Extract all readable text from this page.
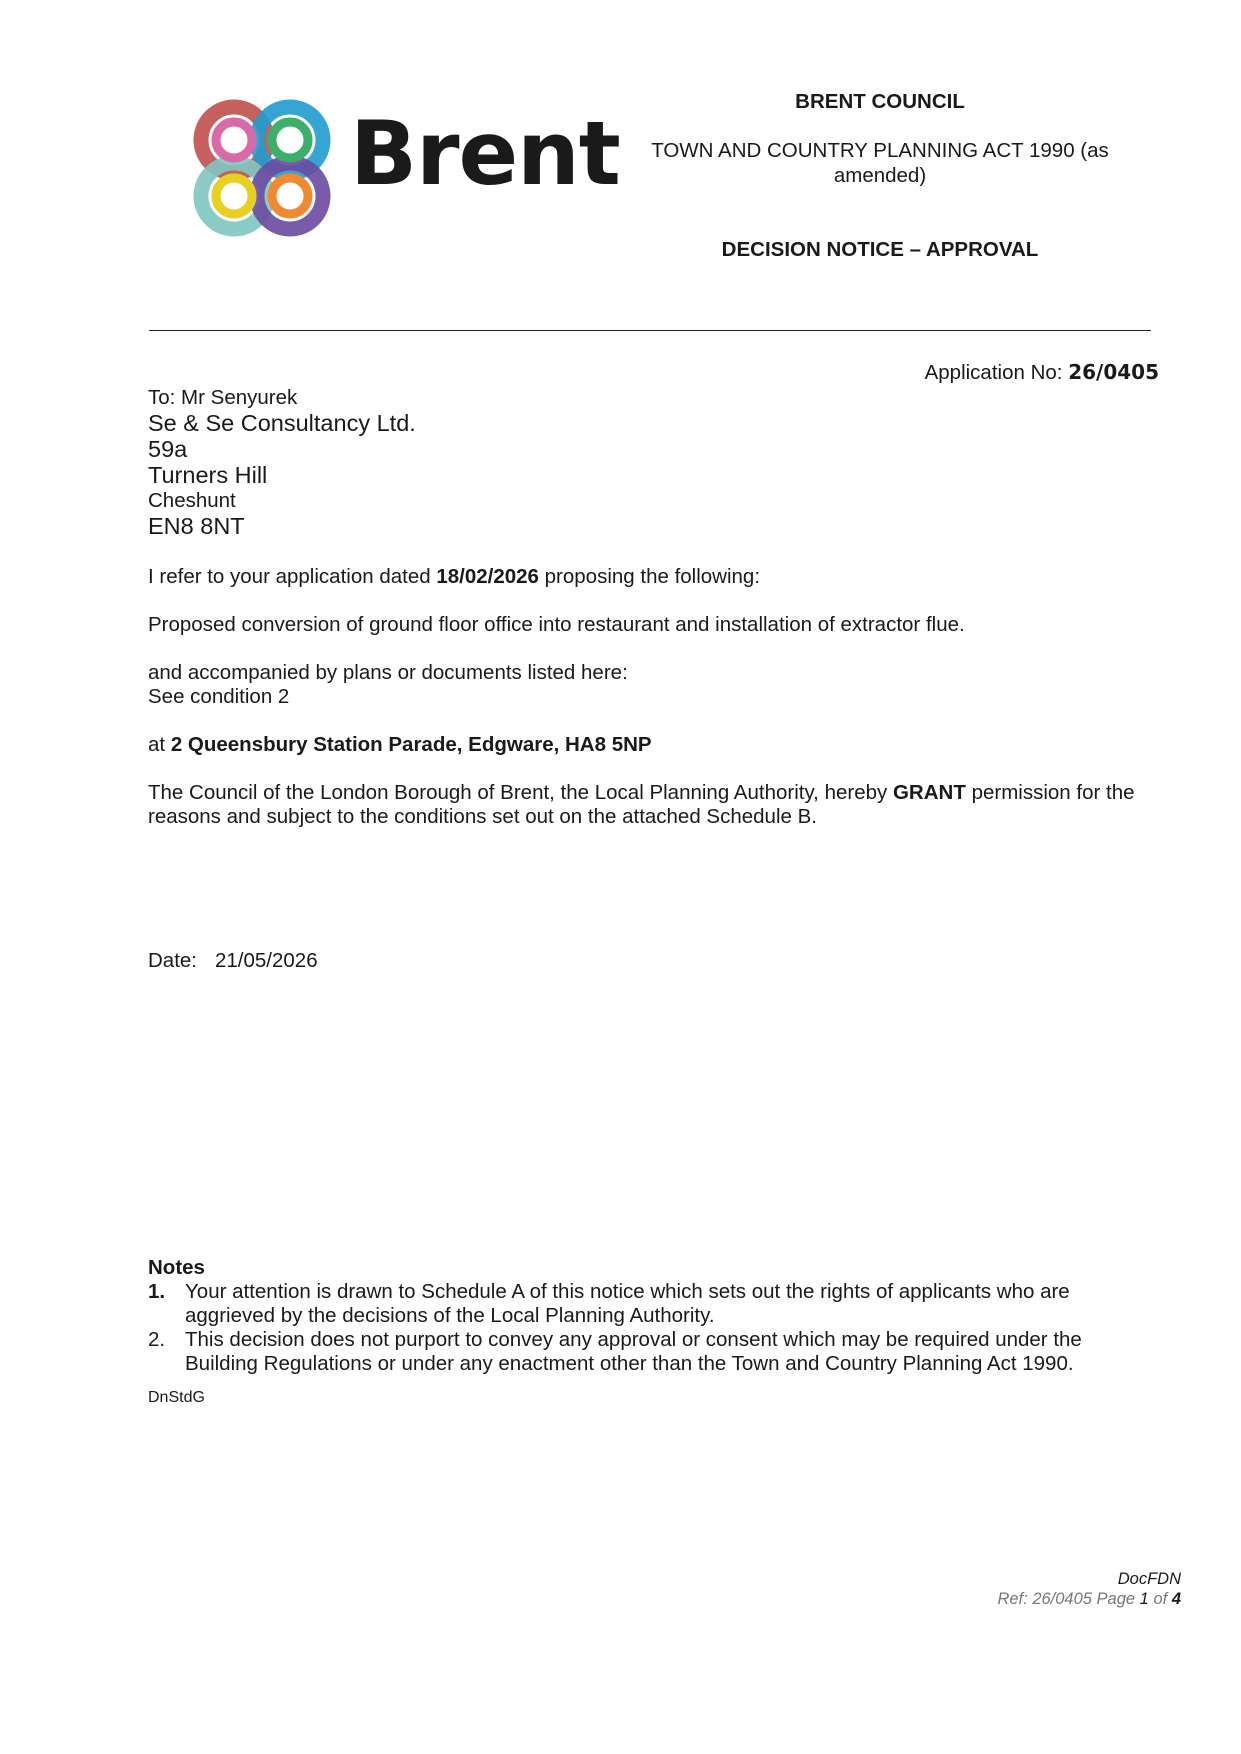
Brent
BRENT COUNCIL
TOWN AND COUNTRY PLANNING ACT 1990 (as amended)
DECISION NOTICE – APPROVAL
Application No: 26/0405
To: Mr Senyurek
Se & Se Consultancy Ltd.
59a
Turners Hill
Cheshunt
EN8 8NT
I refer to your application dated 18/02/2026 proposing the following:
Proposed conversion of ground floor office into restaurant and installation of extractor flue.
and accompanied by plans or documents listed here:
See condition 2
at 2 Queensbury Station Parade, Edgware, HA8 5NP
The Council of the London Borough of Brent, the Local Planning Authority, hereby GRANT permission for the reasons and subject to the conditions set out on the attached Schedule B.
Date: 21/05/2026
Notes
1. Your attention is drawn to Schedule A of this notice which sets out the rights of applicants who are aggrieved by the decisions of the Local Planning Authority.
2. This decision does not purport to convey any approval or consent which may be required under the Building Regulations or under any enactment other than the Town and Country Planning Act 1990.
DnStdG
DocFDN
Ref: 26/0405 Page 1 of 4
